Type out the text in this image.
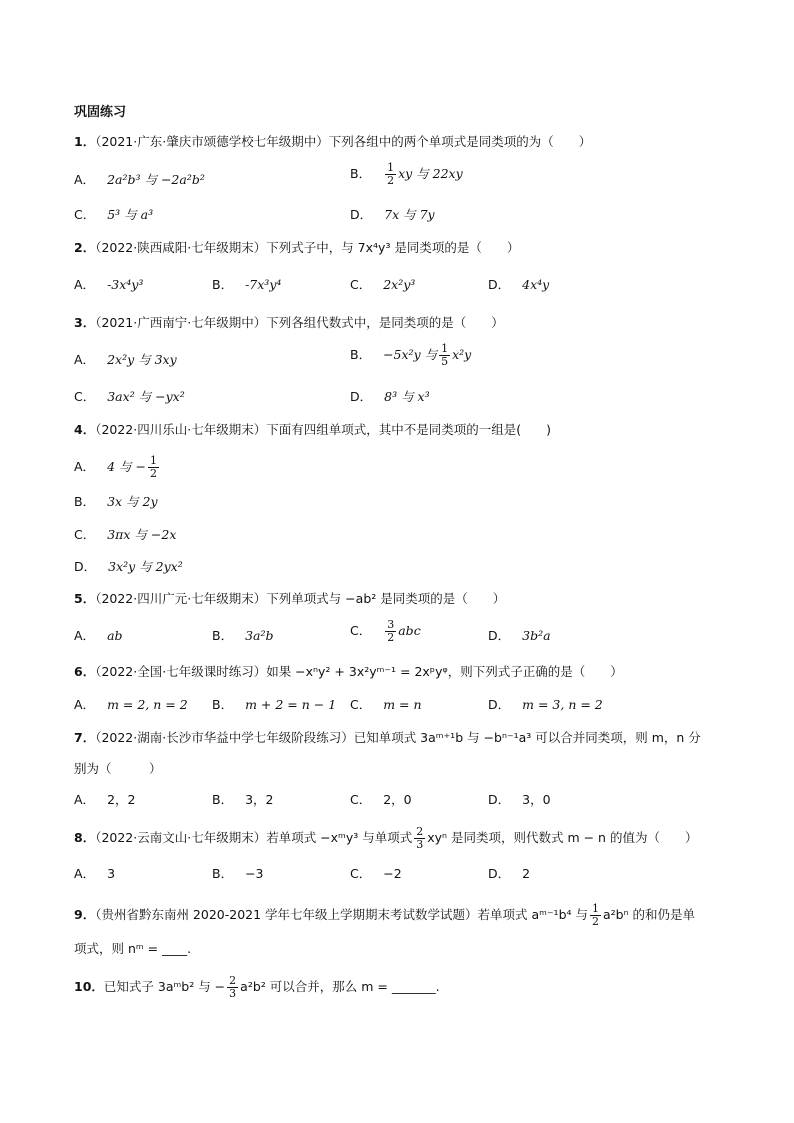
巩固练习
1．（2021·广东·肇庆市颂德学校七年级期中）下列各组中的两个单项式是同类项的为（　　）
A． 2a²b³ 与 −2a²b²	B． $\frac{1}{2}$ xy 与 22xy
C． 5³ 与 a³	D． 7x 与 7y
2．（2022·陕西咸阳·七年级期末）下列式子中，与 7x⁴y³ 是同类项的是（　　）
A． -3x⁴y³	B． -7x³y⁴	C． 2x²y³	D． 4x⁴y
3．（2021·广西南宁·七年级期中）下列各组代数式中，是同类项的是（　　）
A． 2x²y 与 3xy	B． −5x²y 与 $\frac{1}{5} x^2y$
C． 3ax² 与 −yx²	D． 8³ 与 x³
4．（2022·四川乐山·七年级期末）下面有四组单项式，其中不是同类项的一组是(　　)
A． 4 与 − $\frac{1}{2}$
B． 3x 与 2y
C． 3πx 与 −2x
D． 3x²y 与 2yx²
5．（2022·四川广元·七年级期末）下列单项式与 −ab² 是同类项的是（　　）
A． ab	B． 3a²b	C． $\frac{3}{2}$ abc	D． 3b²a
6．（2022·全国·七年级课时练习）如果 −xⁿy² + 3x²yᵐ⁻¹ = 2xᵖyᵠ，则下列式子正确的是（　　）
A． m = 2, n = 2 B． m + 2 = n − 1 C． m = n	D． m = 3, n = 2
7．（2022·湖南·长沙市华益中学七年级阶段练习）已知单项式 3aᵐ⁺¹b 与 −bⁿ⁻¹a³ 可以合并同类项，则 m，n 分
别为（　　　）
A． 2，2	B． 3，2	C． 2，0	D． 3，0
8．（2022·云南文山·七年级期末）若单项式 −xᵐy³ 与单项式 $\frac{2}{3}$ xyⁿ 是同类项，则代数式 m − n 的值为（　　）
A． 3	B． −3	C． −2	D． 2
9．（贵州省黔东南州 2020-2021 学年七年级上学期期末考试数学试题）若单项式 aᵐ⁻¹b⁴ 与 $\frac{1}{2} a^2b^n$ 的和仍是单
项式，则 nᵐ = ____.
10．已知式子 3aᵐb² 与 − $\frac{2}{3} a^2b^2$ 可以合并，那么 m = _______.
